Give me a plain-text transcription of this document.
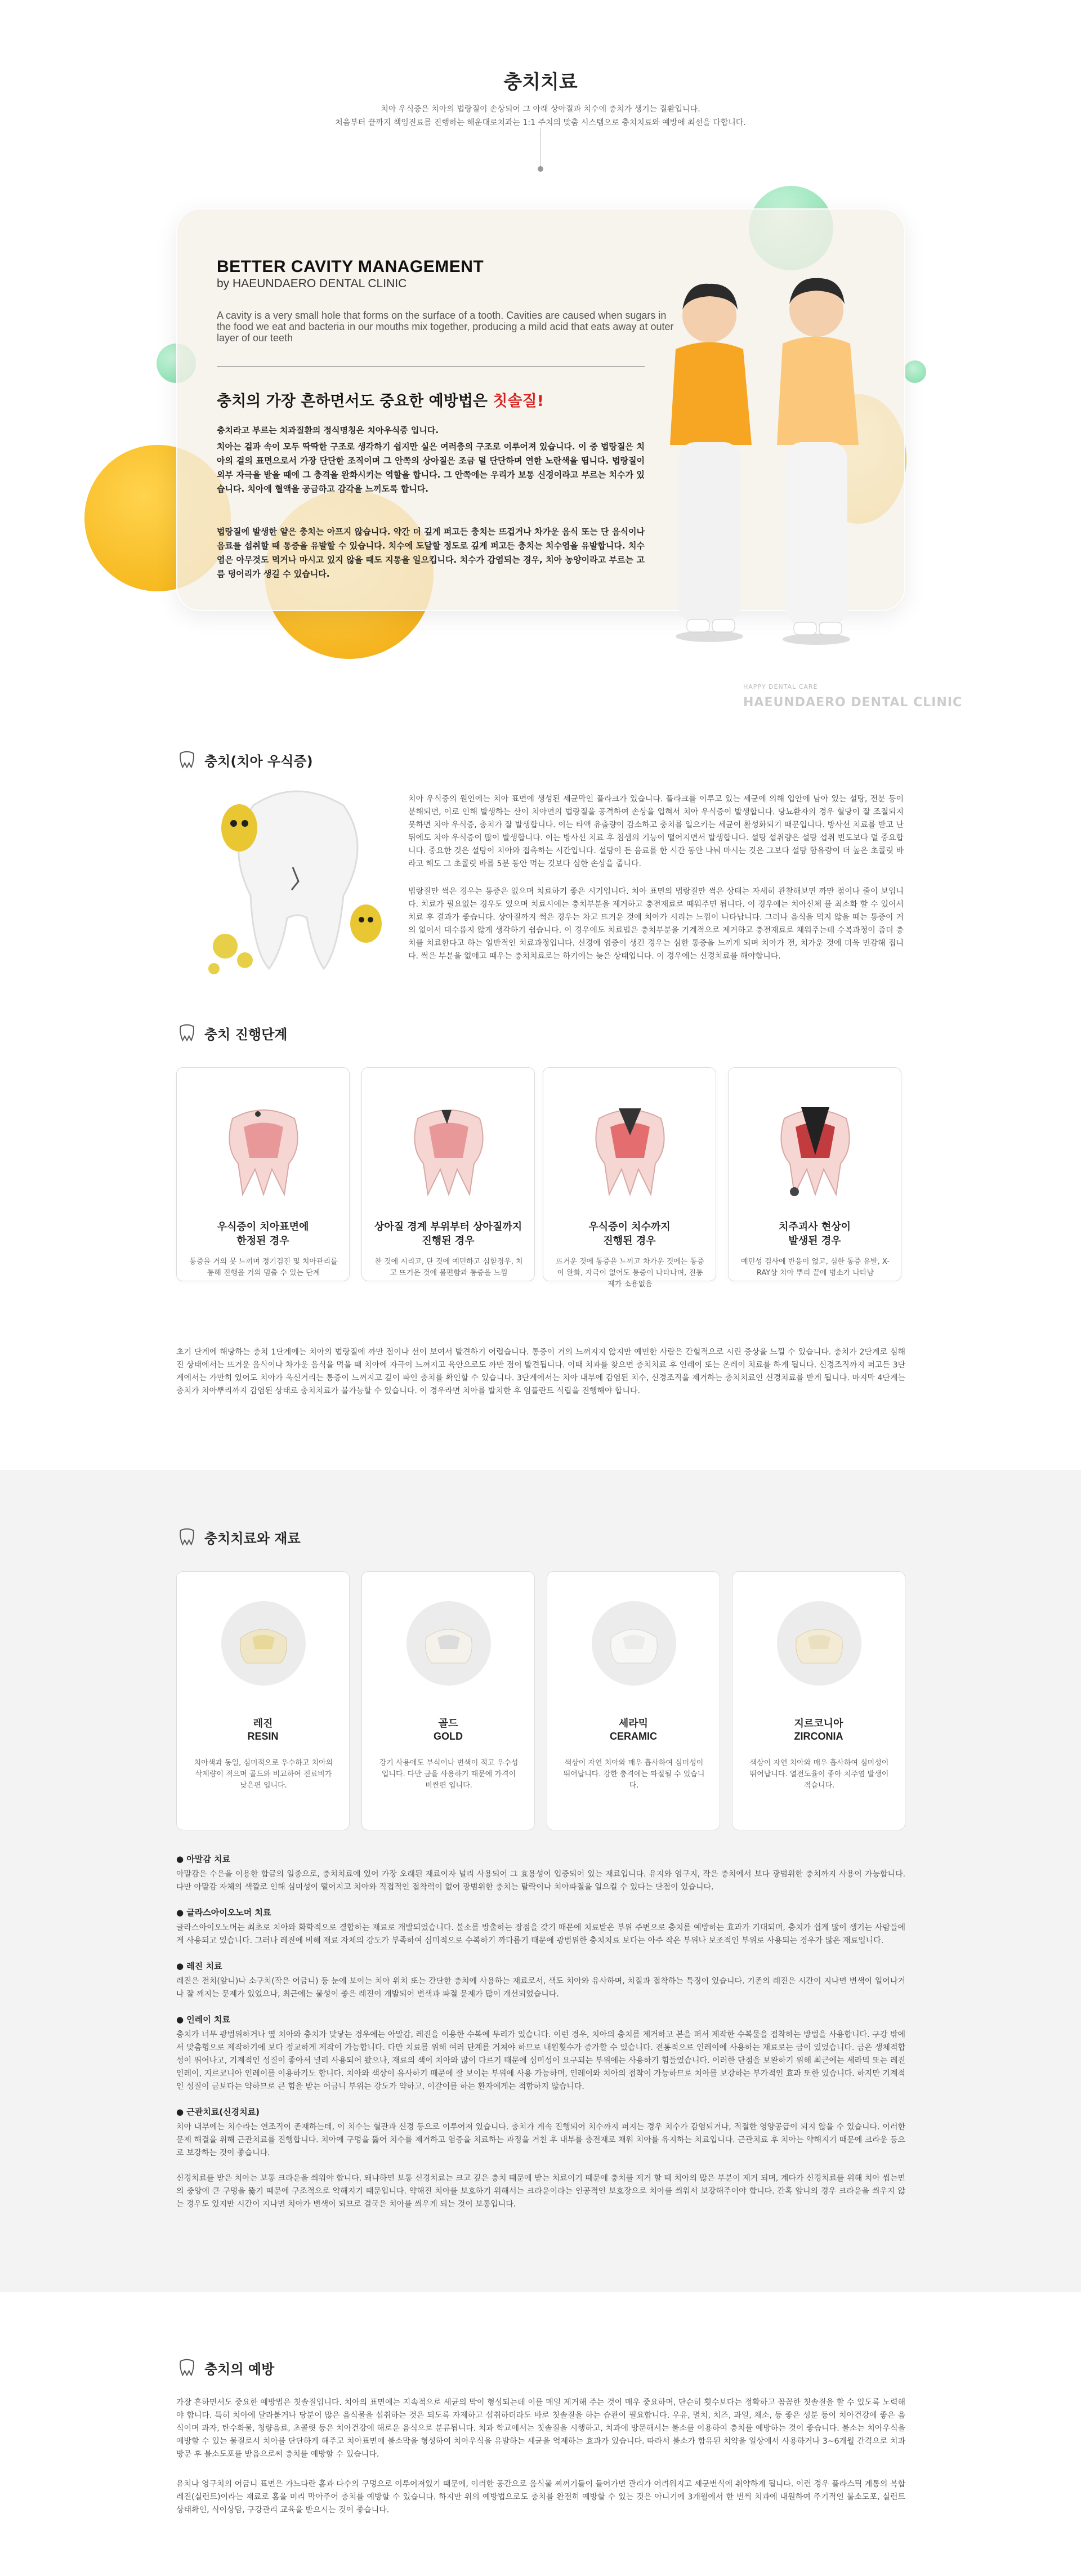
충치치료
치아 우식증은 치아의 법랑질이 손상되어 그 아래 상아질과 치수에 충치가 생기는 질환입니다.
처음부터 끝까지 책임진료를 진행하는 해운대로치과는 1:1 주치의 맞춤 시스템으로 충치치료와 예방에 최선을 다합니다.
BETTER CAVITY MANAGEMENT
by HAEUNDAERO DENTAL CLINIC
A cavity is a very small hole that forms on the surface of a tooth. Cavities are caused when sugars in the food we eat and bacteria in our mouths mix together, producing a mild acid that eats away at outer layer of our teeth
충치의 가장 흔하면서도 중요한 예방법은 칫솔질!
충치라고 부르는 치과질환의 정식명칭은 치아우식증 입니다.
치아는 겉과 속이 모두 딱딱한 구조로 생각하기 쉽지만 실은 여러층의 구조로 이루어져 있습니다. 이 중 법랑질은 치아의 겉의 표면으로서 가장 단단한 조직이며 그 안쪽의 상아질은 조금 덜 단단하며 연한 노란색을 띱니다. 법랑질이 외부 자극을 받을 때에 그 충격을 완화시키는 역할을 합니다. 그 안쪽에는 우리가 보통 신경이라고 부르는 치수가 있습니다. 치아에 혈액을 공급하고 감각을 느끼도록 합니다.
법랑질에 발생한 얕은 충치는 아프지 않습니다. 약간 더 깊게 퍼고든 충치는 뜨겁거나 차가운 음식 또는 단 음식이나 음료를 섭취할 때 통증을 유발할 수 있습니다. 치수에 도달할 정도로 깊게 퍼고든 충치는 치수염을 유발합니다. 치수염은 아무것도 먹거나 마시고 있지 않을 때도 지통을 일으킵니다. 치수가 감염되는 경우, 치아 농양이라고 부르는 고름 덩어리가 생길 수 있습니다.
HAPPY DENTAL CARE
HAEUNDAERO DENTAL CLINIC
충치(치아 우식증)
치아 우식증의 원인에는 치아 표면에 생성된 세균막인 플라크가 있습니다. 플라크를 이루고 있는 세균에 의해 입안에 남아 있는 설탕, 전분 등이 분해되면, 이로 인해 발생하는 산이 치아면의 법랑질을 공격하여 손상을 입혀서 치아 우식증이 발생합니다. 당뇨환자의 경우 혈당이 잘 조절되지 못하면 치아 우식증, 충치가 잘 발생합니다. 이는 타액 유출량이 감소하고 충치를 일으키는 세균이 활성화되기 때문입니다. 방사선 치료를 받고 난 뒤에도 치아 우식증이 많이 발생합니다. 이는 방사선 치료 후 침샘의 기능이 떨어지면서 발생합니다. 설탕 섭취량은 설탕 섭취 빈도보다 덜 중요합니다. 중요한 것은 설탕이 치아와 접촉하는 시간입니다. 설탕이 든 음료를 한 시간 동안 나눠 마시는 것은 그보다 설탕 함유량이 더 높은 초콜릿 바라고 해도 그 초콜릿 바를 5분 동안 먹는 것보다 심한 손상을 줍니다.
법랑질만 썩은 경우는 통증은 없으며 치료하기 좋은 시기입니다. 치아 표면의 법랑질만 썩은 상태는 자세히 관찰해보면 까만 점이나 줄이 보입니다. 치료가 필요없는 경우도 있으며 치료시에는 충치부분을 제거하고 충전재료로 때워주면 됩니다. 이 경우에는 치아신체 를 최소화 할 수 있어서 치료 후 결과가 좋습니다. 상아질까지 썩은 경우는 차고 뜨거운 것에 치아가 시리는 느낌이 나타납니다. 그러나 음식을 먹지 않을 때는 통증이 거의 없어서 대수롭지 않게 생각하기 쉽습니다. 이 경우에도 치료법은 충치부분을 기계적으로 제거하고 충전재료로 채워주는데 수복과정이 좀더 충치를 치료한다고 하는 일반적인 치료과정입니다. 신경에 염증이 생긴 경우는 심한 통증을 느끼게 되며 치아가 전, 치가운 것에 더욱 민감해 집니다. 썩은 부분을 없애고 때우는 충치치료로는 하기에는 늦은 상태입니다. 이 경우에는 신경치료를 해야합니다.
충치 진행단계
우식증이 치아표면에
한정된 경우
통증을 거의 못 느끼며 정기검진 및 치아관리를 통해 진행을 거의 멈출 수 있는 단계
상아질 경계 부위부터 상아질까지
진행된 경우
찬 것에 시리고, 단 것에 예민하고 심할경우, 치고 뜨거운 것에 불편함과 통증을 느낌
우식증이 치수까지
진행된 경우
뜨거운 것에 통증을 느끼고 차가운 것에는 통증이 완화, 자극이 없어도 통증이 나타나며, 진통제가 소용없음
치주괴사 현상이
발생된 경우
예민성 검사에 반응이 없고, 심한 통증 유발, X-RAY상 치아 뿌리 끝에 병소가 나타남
초기 단계에 해당하는 충치 1단계에는 치아의 법랑질에 까만 점이나 선이 보여서 발견하기 어렵습니다. 통증이 거의 느껴지지 않지만 예민한 사람은 간헐적으로 시린 증상을 느낄 수 있습니다. 충치가 2단계로 심해진 상태에서는 뜨거운 음식이나 차가운 음식을 먹을 때 치아에 자극이 느껴지고 육안으로도 까만 점이 발견됩니다. 이때 치과를 찾으면 충치치료 후 인레이 또는 온레이 치료를 하게 됩니다. 신경조직까지 퍼고든 3단계에서는 가만히 있어도 치아가 욱신거리는 통증이 느껴지고 깊이 파인 충치를 확인할 수 있습니다. 3단계에서는 치아 내부에 감염된 치수, 신경조직을 제거하는 충치치료인 신경치료를 받게 됩니다. 마지막 4단계는 충치가 치아뿌리까지 감염된 상태로 충치치료가 불가능할 수 있습니다. 이 경우라면 치아를 발치한 후 임플란트 식립을 진행해야 합니다.
충치치료와 재료
레진
RESIN
치아색과 동일, 심미적으로 우수하고 치아의 삭제량이 적으며 골드와 비교하여 진료비가 낮은편 입니다.
골드
GOLD
강기 사용에도 부식이나 변색이 적고 우수성입니다. 다만 금을 사용하기 때문에 가격이 비싼편 입니다.
세라믹
CERAMIC
색상이 자연 치아와 매우 흡사하여 심미성이 뛰어납니다. 강한 충격에는 파절될 수 있습니다.
지르코니아
ZIRCONIA
색상이 자연 치아와 매우 흡사하여 심미성이 뛰어납니다. 열전도율이 좋아 치주염 발생이 적습니다.
● 아말감 치료

아말감은 수은을 이용한 합금의 일종으로, 충치치료에 있어 가장 오래된 재료이자 널리 사용되어 그 효용성이 입증되어 있는 재료입니다. 유지와 염구지, 작은 충치에서 보다 광범위한 충치까지 사용이 가능합니다. 다만 아말감 자체의 색깔로 인해 심미성이 떨어지고 치아와 직접적인 접착력이 없어 광범위한 충치는 탈락이나 치아파절을 일으킬 수 있다는 단점이 있습니다.

● 글라스아이오노머 치료

글라스아이오노머는 최초로 치아와 화학적으로 결합하는 재료로 개발되었습니다. 불소를 방출하는 장점을 갖기 때문에 치료받은 부위 주변으로 충치를 예방하는 효과가 기대되며, 충치가 쉽게 많이 생기는 사람들에게 사용되고 있습니다. 그러나 레진에 비해 재료 자체의 강도가 부족하여 심미적으로 수복하기 까다롭기 때문에 광범위한 충치치료 보다는 아주 작은 부위나 보조적인 부위로 사용되는 경우가 많은 재료입니다.

● 레진 치료

레진은 전치(앞니)나 소구치(작은 어금니) 등 눈에 보이는 치아 위치 또는 간단한 충치에 사용하는 재료로서, 색도 치아와 유사하며, 치질과 접착하는 특징이 있습니다. 기존의 레진은 시간이 지나면 변색이 일어나거나 잘 깨지는 문제가 있었으나, 최근에는 물성이 좋은 레진이 개발되어 변색과 파절 문제가 많이 개선되었습니다.

● 인레이 치료

충치가 너무 광범위하거나 옆 치아와 충치가 맞닿는 경우에는 아말감, 레진을 이용한 수복에 무리가 있습니다. 이런 경우, 치아의 충치를 제거하고 본을 떠서 제작한 수복물을 접착하는 방법을 사용합니다. 구강 밖에서 맞춤형으로 제작하기에 보다 정교하게 제작이 가능합니다. 다만 치료를 위해 여러 단계를 거쳐야 하므로 내원횟수가 증가할 수 있습니다. 전통적으로 인레이에 사용하는 재료로는 금이 있었습니다. 금은 생체적합성이 뛰어나고, 기계적인 성질이 좋아서 널리 사용되어 왔으나, 재료의 색이 치아와 많이 다르기 때문에 심미성이 요구되는 부위에는 사용하기 힘들었습니다. 이러한 단점을 보완하기 위해 최근에는 세라믹 또는 레진 인레이, 지르코니아 인레이를 이용하기도 합니다. 치아와 색상이 유사하기 때문에 잘 보이는 부위에 사용 가능하며, 인레이와 치아의 접착이 가능하므로 치아를 보강하는 부가적인 효과 또한 있습니다. 하지만 기계적인 성질이 금보다는 약하므로 큰 힘을 받는 어금니 부위는 강도가 약하고, 이갈이를 하는 환자에게는 적합하지 않습니다.

● 근관치료(신경치료)

치아 내부에는 치수라는 연조직이 존재하는데, 이 치수는 혈관과 신경 등으로 이루어져 있습니다. 충치가 계속 진행되어 치수까지 퍼지는 경우 치수가 감염되거나, 적절한 영양공급이 되지 않을 수 있습니다. 이러한 문제 해결을 위해 근관치료를 진행합니다. 치아에 구멍을 뚫어 치수를 제거하고 염증을 치료하는 과정을 거친 후 내부를 충전재로 채워 치아를 유지하는 치료입니다. 근관치료 후 치아는 약해지기 때문에 크라운 등으로 보강하는 것이 좋습니다.

신경치료를 받은 치아는 보통 크라운을 씌워야 합니다. 왜냐하면 보통 신경치료는 크고 깊은 충치 때문에 받는 치료이기 때문에 충치를 제거 할 때 치아의 많은 부분이 제거 되며, 계다가 신경치료를 위해 치아 씹는면의 중앙에 큰 구멍을 뚫기 때문에 구조적으로 약해지기 때문입니다. 약해진 치아를 보호하기 위해서는 크라운이라는 인공적인 보호장으로 치아를 씌워서 보강해주어야 합니다. 간혹 앞니의 경우 크라운을 씌우지 않는 경우도 있지만 시간이 지나면 치아가 변색이 되므로 결국은 치아를 씌우게 되는 것이 보통입니다.

충치의 예방
가장 흔하면서도 중요한 예방법은 칫솔질입니다. 치아의 표면에는 지속적으로 세균의 막이 형성되는데 이를 매일 제거해 주는 것이 매우 중요하며, 단순히 횟수보다는 정확하고 꼼꼼한 칫솔질을 할 수 있도록 노력해야 합니다. 특히 치아에 달라붙거나 당분이 많은 음식물을 섭취하는 것은 되도록 자제하고 섭취하더라도 바로 칫솔질을 하는 습관이 필요합니다. 우유, 멸치, 치즈, 과일, 채소, 등 좋은 성분 등이 치아건강에 좋은 음식이며 과자, 탄수화물, 청량음료, 초콜릿 등은 치아건강에 해로운 음식으로 분류됩니다. 치과 학교에서는 칫솔질을 시행하고, 치과에 방문해서는 불소를 이용하여 충치를 예방하는 것이 좋습니다. 불소는 치아우식을 예방할 수 있는 물질로서 치아를 단단하게 해주고 치아표면에 불소막을 형성하여 치아우식을 유발하는 세균을 억제하는 효과가 있습니다. 따라서 불소가 함유된 치약을 일상에서 사용하거나 3~6개월 간격으로 치과방문 후 불소도포를 받음으로써 충치를 예방할 수 있습니다.
유치나 영구치의 어금니 표면은 가느다란 홈과 다수의 구멍으로 이루어져있기 때문에, 이러한 공간으로 음식물 찌꺼기들이 들어가면 관리가 어려워지고 세균번식에 취약하게 됩니다. 이런 경우 플라스틱 계통의 복합레진(실런트)이라는 재료로 홈을 미리 막아주어 충치를 예방할 수 있습니다. 하지만 위의 예방법으로도 충치를 완전히 예방할 수 있는 것은 아니기에 3개월에서 한 번씩 치과에 내원하여 주기적인 불소도포, 실런트 상태확인, 식이상담, 구강관리 교육을 받으시는 것이 좋습니다.
